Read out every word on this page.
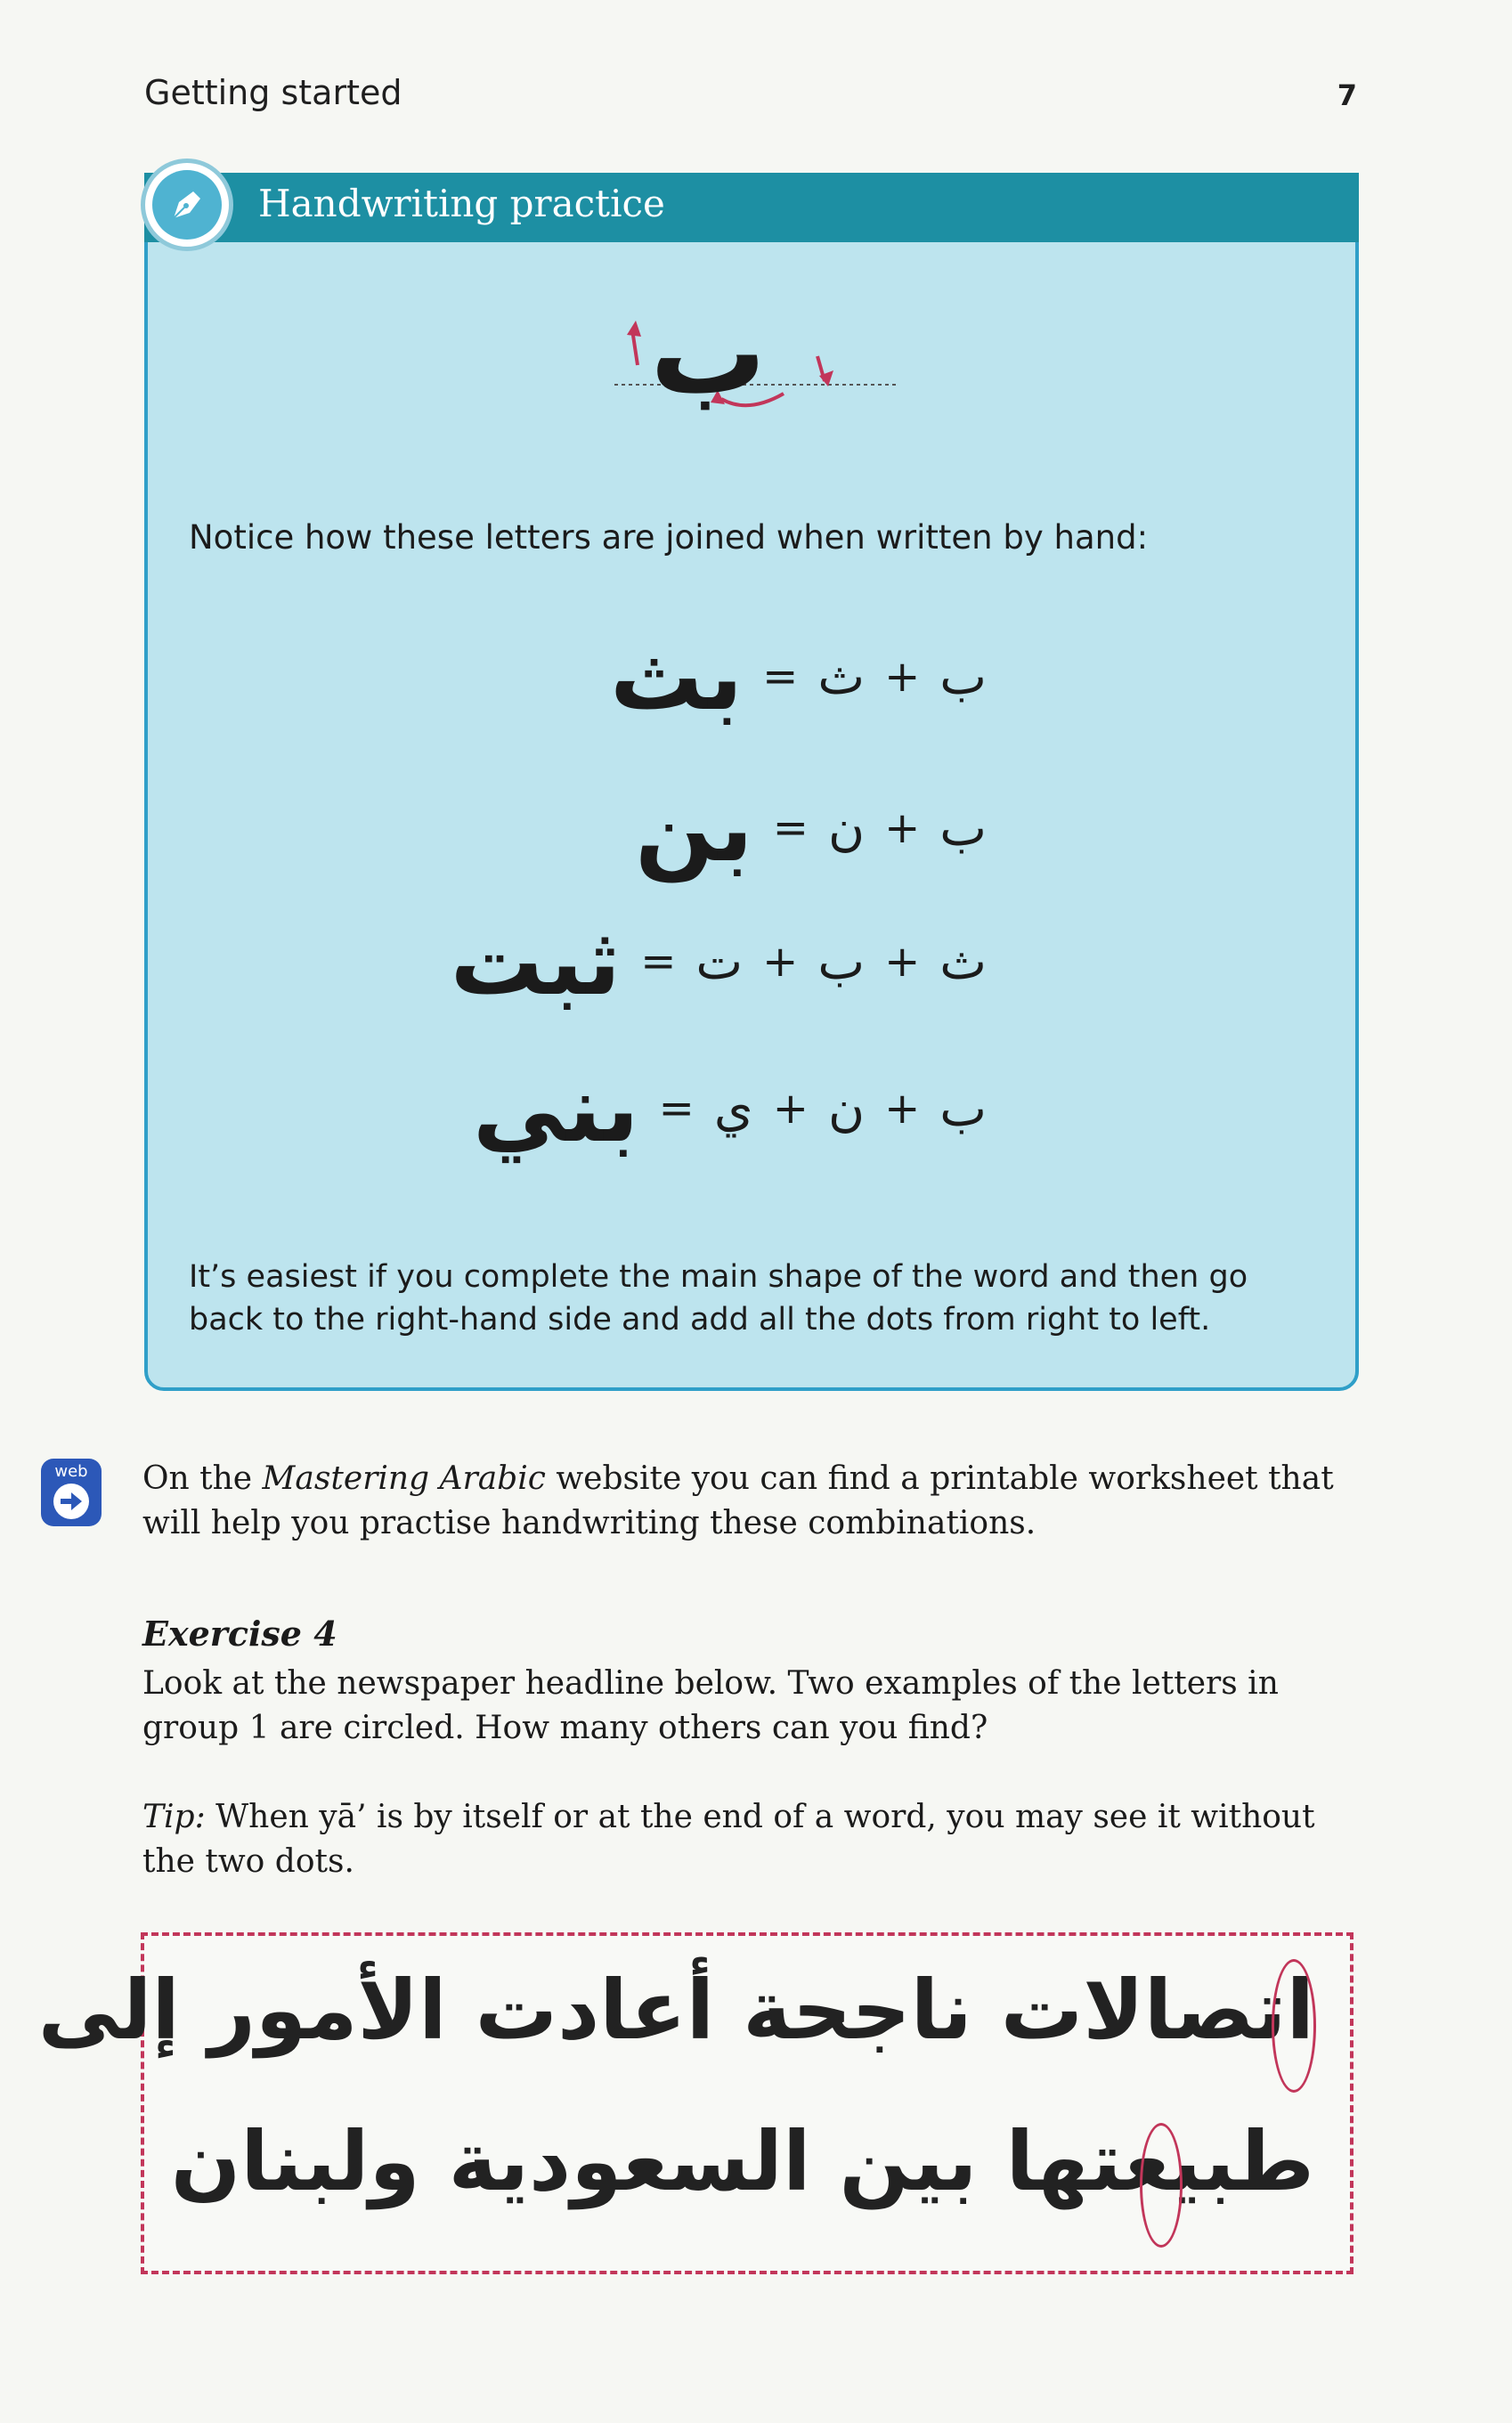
Getting started	7
Handwriting practice
ب
Notice how these letters are joined when written by hand:
ب
+
ث
=
بث
ب
+
ن
=
بن
ث
+
ب
+
ت
=
ثبت
ب
+
ن
+
ي
=
بني
It’s easiest if you complete the main shape of the word and then go back to the right-hand side and add all the dots from right to left.
web	On the Mastering Arabic website you can find a printable worksheet that will help you practise handwriting these combinations.
Exercise 4
Look at the newspaper headline below. Two examples of the letters in group 1 are circled. How many others can you find?
Tip: When yā’ is by itself or at the end of a word, you may see it without the two dots.
اتصالات ناجحة أعادت الأمور إلى
طبيعتها بين السعودية ولبنان
